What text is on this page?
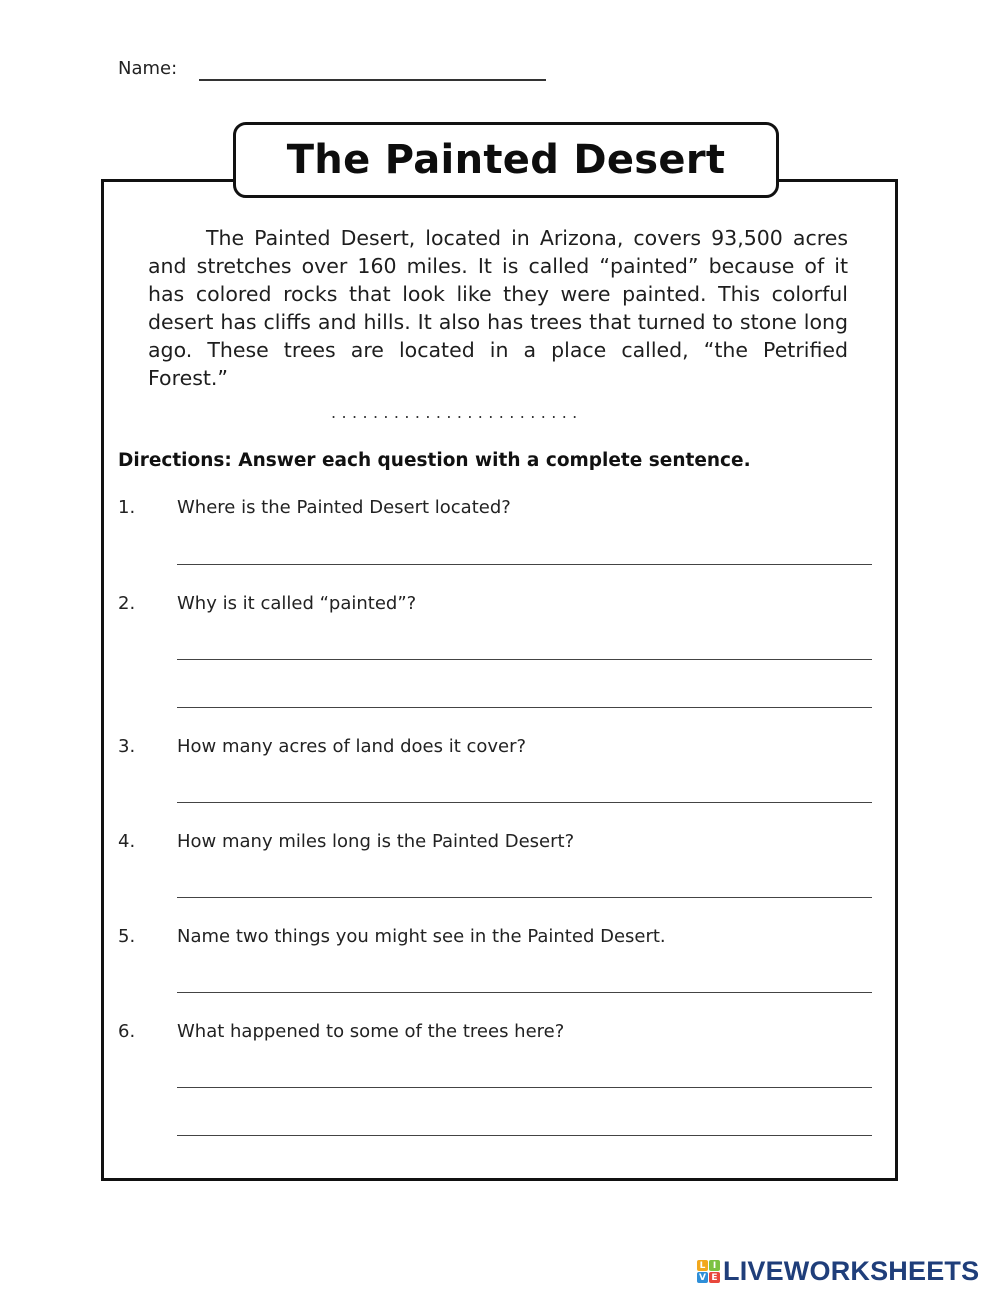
Name:
The Painted Desert
The Painted Desert, located in Arizona, covers 93,500 acres and stretches over 160 miles. It is called “painted” because of it has colored rocks that look like they were painted. This colorful desert has cliffs and hills. It also has trees that turned to stone long ago. These trees are located in a place called, “the Petrified Forest.”
........................
Directions: Answer each question with a complete sentence.
1. Where is the Painted Desert located?
2. Why is it called “painted”?
3. How many acres of land does it cover?
4. How many miles long is the Painted Desert?
5. Name two things you might see in the Painted Desert.
6. What happened to some of the trees here?
L I
V E LIVEWORKSHEETS
